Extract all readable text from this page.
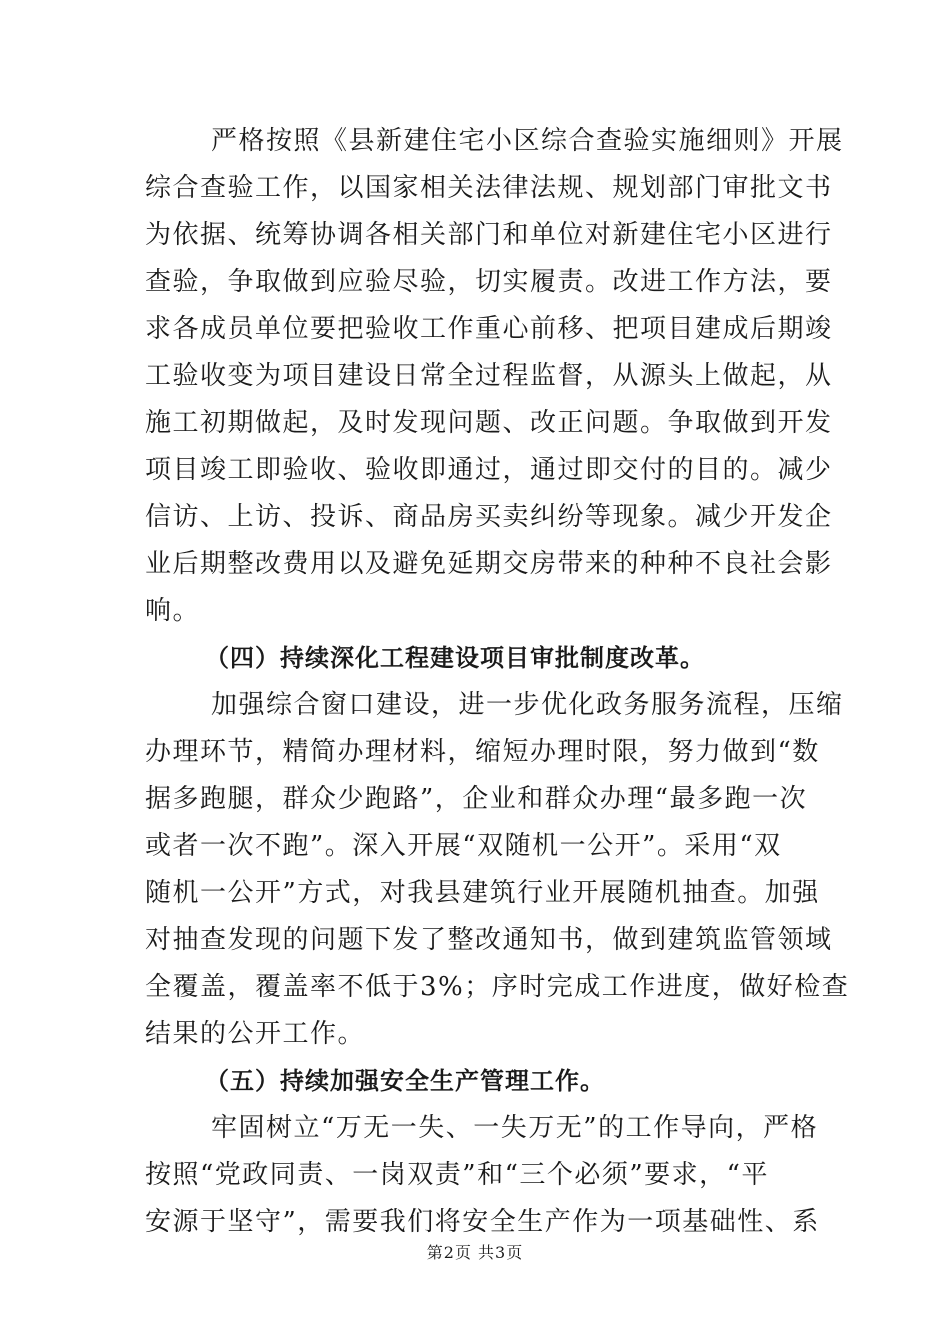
严格按照《县新建住宅小区综合查验实施细则》开展
综合查验工作，以国家相关法律法规、规划部门审批文书
为依据、统筹协调各相关部门和单位对新建住宅小区进行
查验，争取做到应验尽验，切实履责。改进工作方法，要
求各成员单位要把验收工作重心前移、把项目建成后期竣
工验收变为项目建设日常全过程监督，从源头上做起，从
施工初期做起，及时发现问题、改正问题。争取做到开发
项目竣工即验收、验收即通过，通过即交付的目的。减少
信访、上访、投诉、商品房买卖纠纷等现象。减少开发企
业后期整改费用以及避免延期交房带来的种种不良社会影
响。
（四）持续深化工程建设项目审批制度改革。
加强综合窗口建设，进一步优化政务服务流程，压缩
办理环节，精简办理材料，缩短办理时限，努力做到“数
据多跑腿，群众少跑路”，企业和群众办理“最多跑一次
或者一次不跑”。深入开展“双随机一公开”。采用“双
随机一公开”方式，对我县建筑行业开展随机抽查。加强
对抽查发现的问题下发了整改通知书，做到建筑监管领域
全覆盖，覆盖率不低于3%；序时完成工作进度，做好检查
结果的公开工作。
（五）持续加强安全生产管理工作。
牢固树立“万无一失、一失万无”的工作导向，严格
按照“党政同责、一岗双责”和“三个必须”要求，“平
安源于坚守”，需要我们将安全生产作为一项基础性、系
第2页 共3页
